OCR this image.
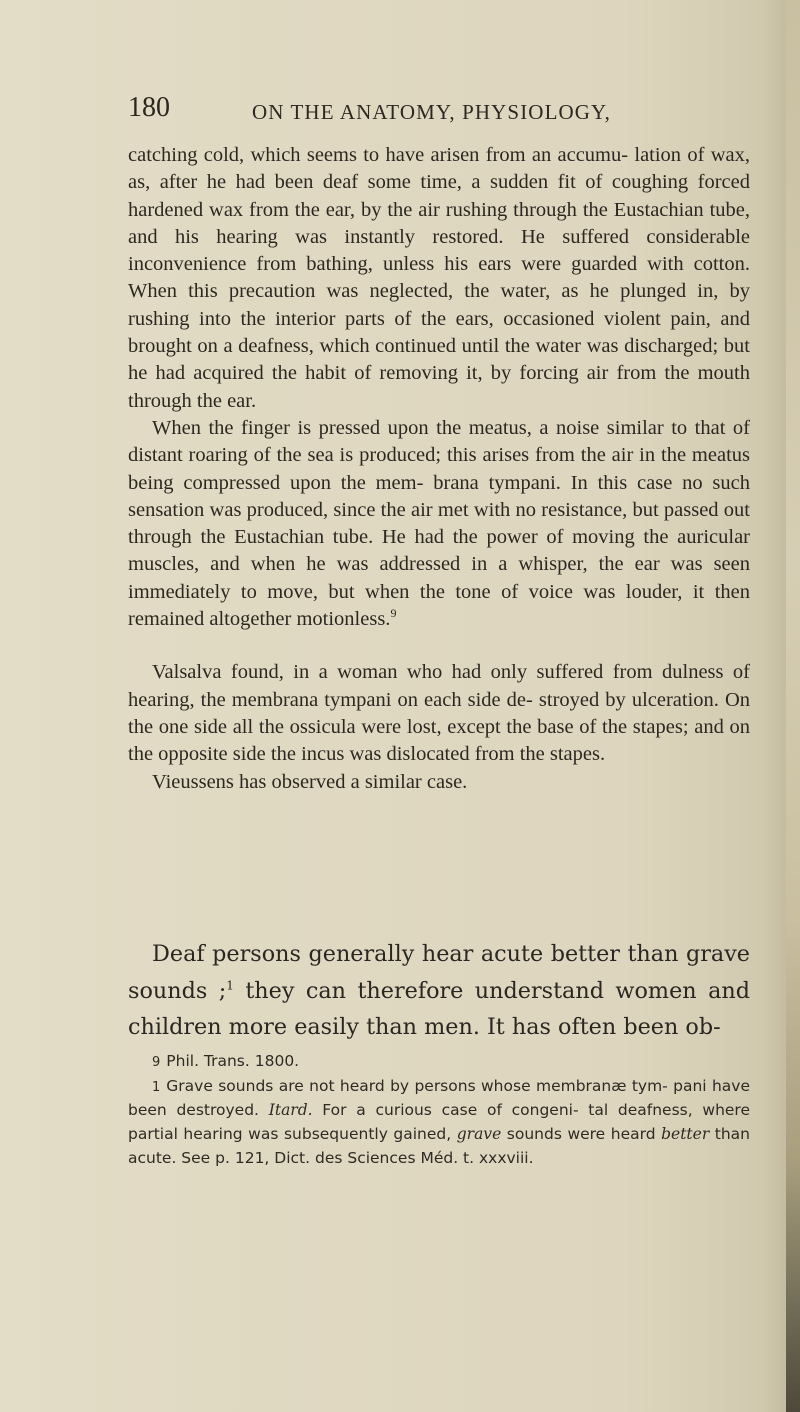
180	ON THE ANATOMY, PHYSIOLOGY,

catching cold, which seems to have arisen from an accumu- lation of wax, as, after he had been deaf some time, a sudden fit of coughing forced hardened wax from the ear, by the air rushing through the Eustachian tube, and his hearing was instantly restored. He suffered considerable inconvenience from bathing, unless his ears were guarded with cotton. When this precaution was neglected, the water, as he plunged in, by rushing into the interior parts of the ears, occasioned violent pain, and brought on a deafness, which continued until the water was discharged; but he had acquired the habit of removing it, by forcing air from the mouth through the ear.

When the finger is pressed upon the meatus, a noise similar to that of distant roaring of the sea is produced; this arises from the air in the meatus being compressed upon the mem- brana tympani. In this case no such sensation was produced, since the air met with no resistance, but passed out through the Eustachian tube. He had the power of moving the auricular muscles, and when he was addressed in a whisper, the ear was seen immediately to move, but when the tone of voice was louder, it then remained altogether motionless.$^9$

Valsalva found, in a woman who had only suffered from dulness of hearing, the membrana tympani on each side de- stroyed by ulceration. On the one side all the ossicula were lost, except the base of the stapes; and on the opposite side the incus was dislocated from the stapes.

Vieussens has observed a similar case.

Deaf persons generally hear acute better than grave sounds ;$^1$ they can therefore understand women and children more easily than men. It has often been ob-

9 Phil. Trans. 1800.

1 Grave sounds are not heard by persons whose membranæ tym- pani have been destroyed. Itard. For a curious case of congeni- tal deafness, where partial hearing was subsequently gained, grave sounds were heard better than acute. See p. 121, Dict. des Sciences Méd. t. xxxviii.
